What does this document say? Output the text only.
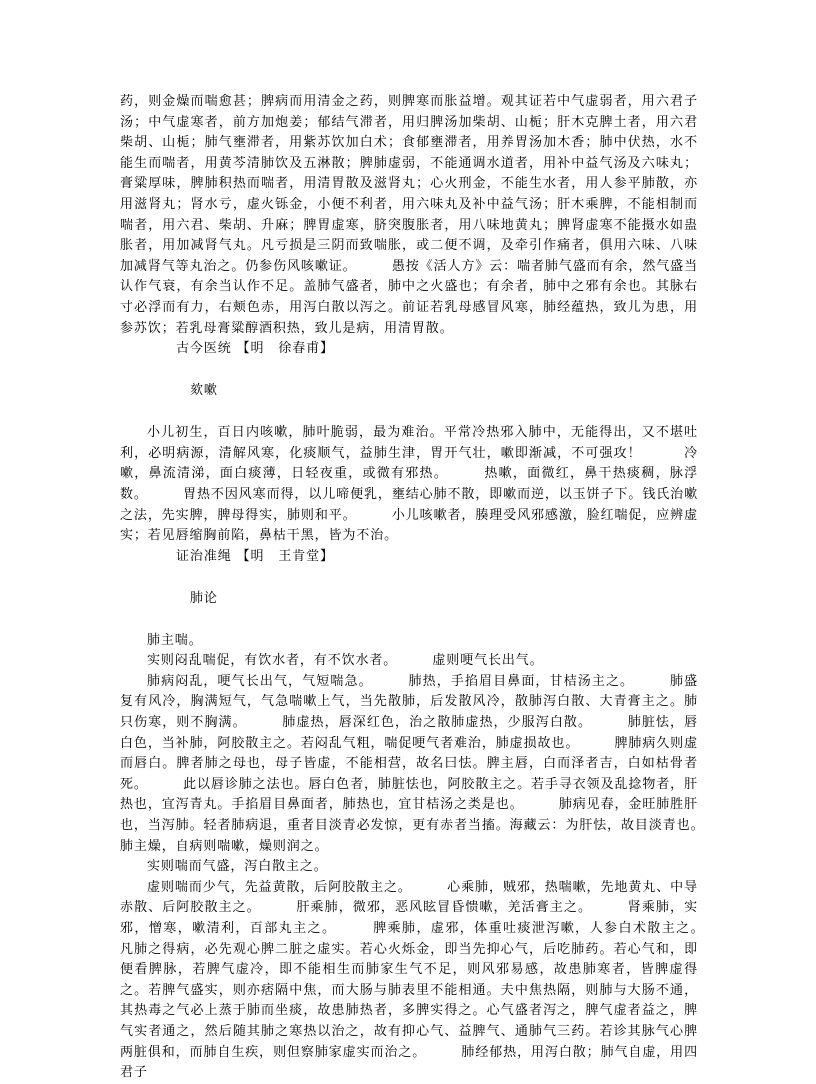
药，则金燥而喘愈甚；脾病而用清金之药，则脾寒而胀益增。观其证若中气虚弱者，用六君子汤；中气虚寒者，前方加炮姜；郁结气滞者，用归脾汤加柴胡、山栀；肝木克脾土者，用六君柴胡、山栀；肺气壅滞者，用紫苏饮加白术；食郁壅滞者，用养胃汤加木香；肺中伏热，水不能生而喘者，用黄芩清肺饮及五淋散；脾肺虚弱，不能通调水道者，用补中益气汤及六味丸；膏粱厚味，脾肺积热而喘者，用清胃散及滋肾丸；心火刑金，不能生水者，用人参平肺散，亦用滋肾丸；肾水亏，虚火铄金，小便不利者，用六味丸及补中益气汤；肝木乘脾，不能相制而喘者，用六君、柴胡、升麻；脾胃虚寒，脐突腹胀者，用八味地黄丸；脾肾虚寒不能摄水如蛊胀者，用加减肾气丸。凡亏损是三阴而致喘胀，或二便不调，及牵引作痛者，俱用六味、八味加减肾气等丸治之。仍参伤风咳嗽证。　　　愚按《活人方》云：喘者肺气盛而有余，然气盛当认作气衰，有余当认作不足。盖肺气盛者，肺中之火盛也；有余者，肺中之邪有余也。其脉右寸必浮而有力，右颊色赤，用泻白散以泻之。前证若乳母感冒风寒，肺经蕴热，致儿为患，用参苏饮；若乳母膏粱醇酒积热，致儿是病，用清胃散。

古今医统 【明　徐春甫】

欬嗽

小儿初生，百日内咳嗽，肺叶脆弱，最为难治。平常冷热邪入肺中，无能得出，又不堪吐利，必明病源，清解风寒，化痰顺气，益肺生津，胃开气壮，嗽即渐减，不可强攻！　　　冷嗽，鼻流清涕，面白痰薄，日轻夜重，或微有邪热。　　　热嗽，面微红，鼻干热痰稠，脉浮数。　　　胃热不因风寒而得，以儿啼便乳，壅结心肺不散，即嗽而逆，以玉饼子下。钱氏治嗽之法，先实脾，脾母得实，肺则和平。　　　小儿咳嗽者，腠理受风邪感激，脸红喘促，应辨虚实；若见唇缩胸前陷，鼻枯干黑，皆为不治。

证治准绳 【明　王肯堂】

肺论

肺主喘。

实则闷乱喘促，有饮水者，有不饮水者。　　　虚则哽气长出气。

肺病闷乱，哽气长出气，气短喘急。　　　肺热，手掐眉目鼻面，甘桔汤主之。　　　肺盛复有风冷，胸满短气，气急喘嗽上气，当先散肺，后发散风冷，散肺泻白散、大青膏主之。肺只伤寒，则不胸满。　　　肺虚热，唇深红色，治之散肺虚热，少服泻白散。　　　肺脏怯，唇白色，当补肺，阿胶散主之。若闷乱气粗，喘促哽气者难治，肺虚损故也。　　　脾肺病久则虚而唇白。脾者肺之母也，母子皆虚，不能相营，故名曰怯。脾主唇，白而泽者吉，白如枯骨者死。　　　此以唇诊肺之法也。唇白色者，肺脏怯也，阿胶散主之。若手寻衣领及乱捻物者，肝热也，宜泻青丸。手掐眉目鼻面者，肺热也，宜甘桔汤之类是也。　　　肺病见春，金旺肺胜肝也，当泻肺。轻者肺病退，重者目淡青必发惊，更有赤者当搐。海藏云：为肝怯，故目淡青也。　　　肺主燥，自病则喘嗽，燥则润之。

实则喘而气盛，泻白散主之。

虚则喘而少气，先益黄散，后阿胶散主之。　　　心乘肺，贼邪，热喘嗽，先地黄丸、中导赤散、后阿胶散主之。　　　肝乘肺，微邪，恶风眩冒昏愦嗽，羌活膏主之。　　　肾乘肺，实邪，憎寒，嗽清利，百部丸主之。　　　脾乘肺，虚邪，体重吐痰泄泻嗽，人参白术散主之。　　　凡肺之得病，必先观心脾二脏之虚实。若心火烁金，即当先抑心气，后吃肺药。若心气和，即便看脾脉，若脾气虚冷，即不能相生而肺家生气不足，则风邪易感，故患肺寒者，皆脾虚得之。若脾气盛实，则亦痞隔中焦，而大肠与肺表里不能相通。夫中焦热隔，则肺与大肠不通，其热毒之气必上蒸于肺而坐痰，故患肺热者，多脾实得之。心气盛者泻之，脾气虚者益之，脾气实者通之，然后随其肺之寒热以治之，故有抑心气、益脾气、通肺气三药。若诊其脉气心脾两脏俱和，而肺自生疾，则但察肺家虚实而治之。　　　肺经郁热，用泻白散；肺气自虚，用四君子
